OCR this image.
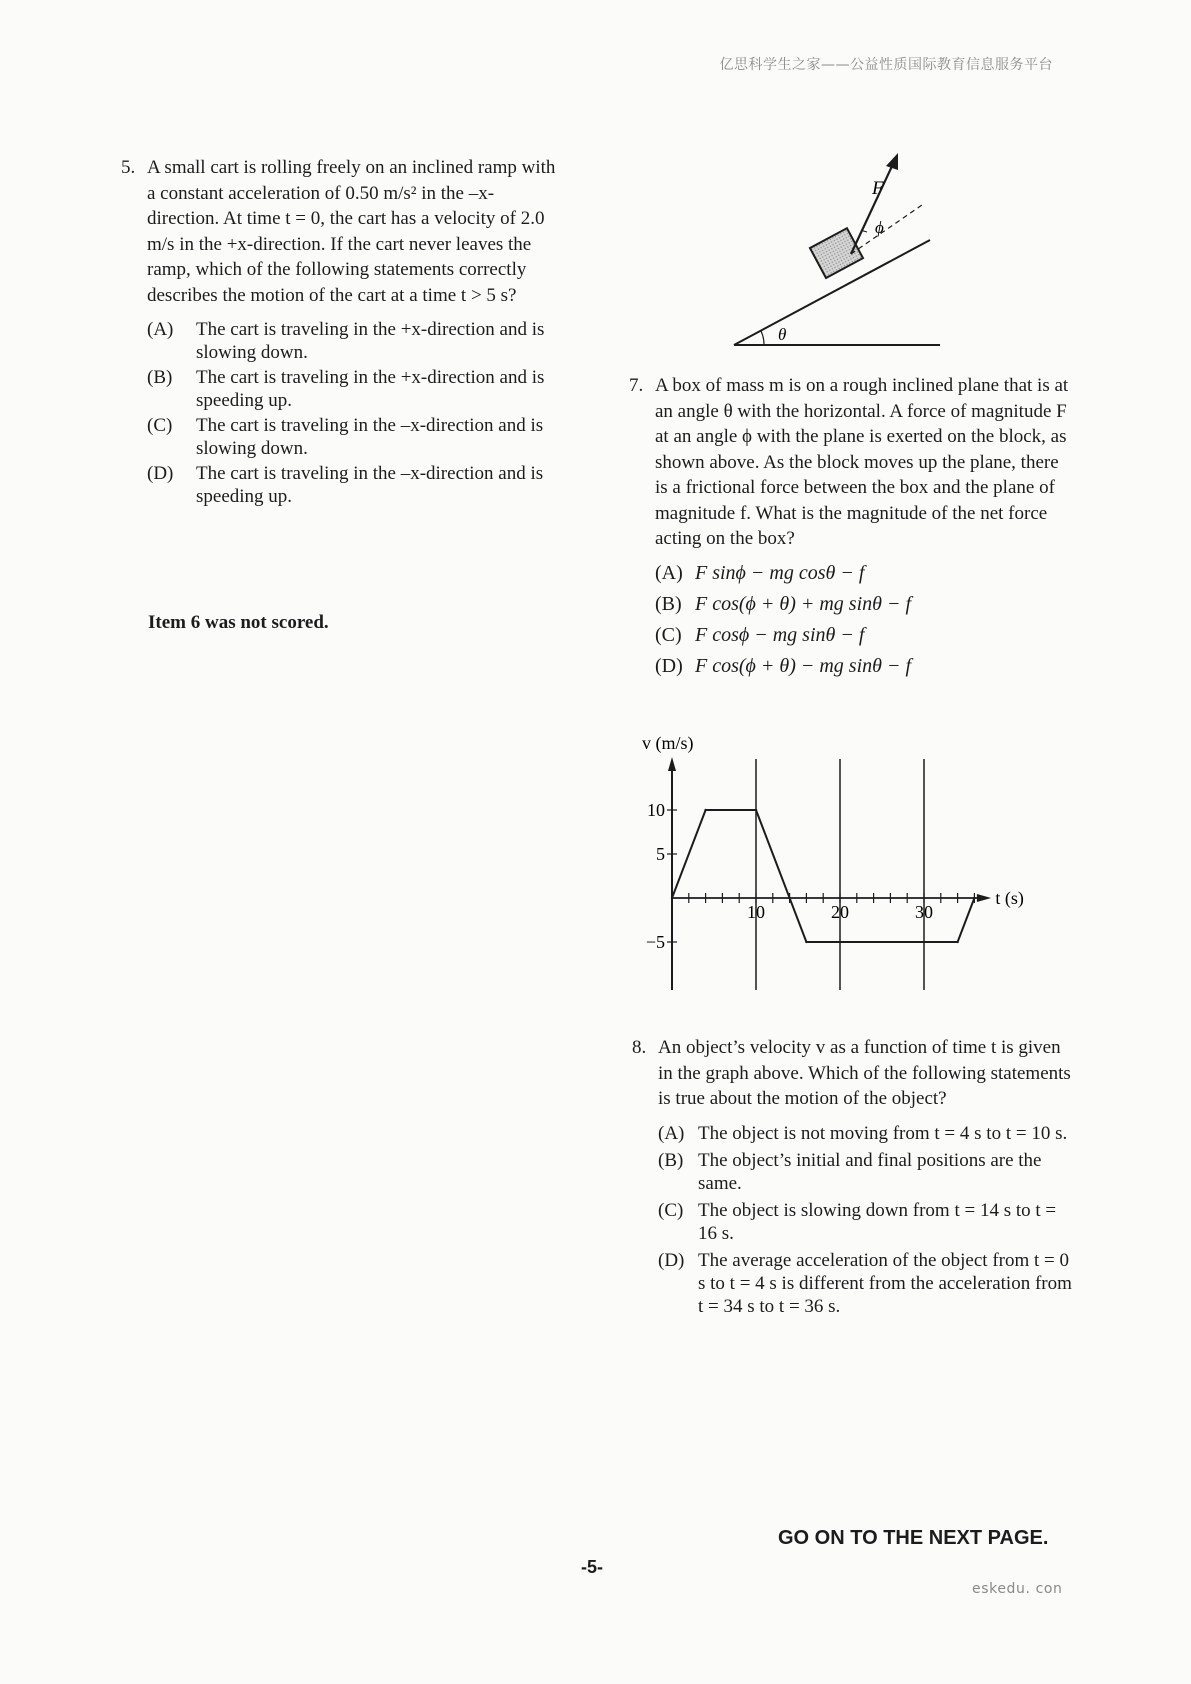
亿思科学生之家——公益性质国际教育信息服务平台
5. A small cart is rolling freely on an inclined ramp with a constant acceleration of 0.50 m/s² in the –x-direction. At time t = 0, the cart has a velocity of 2.0 m/s in the +x-direction. If the cart never leaves the ramp, which of the following statements correctly describes the motion of the cart at a time t > 5 s?
(A) The cart is traveling in the +x-direction and is slowing down.
(B) The cart is traveling in the +x-direction and is speeding up.
(C) The cart is traveling in the –x-direction and is slowing down.
(D) The cart is traveling in the –x-direction and is speeding up.
Item 6 was not scored.
F
ϕ
θ
7. A box of mass m is on a rough inclined plane that is at an angle θ with the horizontal. A force of magnitude F at an angle ϕ with the plane is exerted on the block, as shown above. As the block moves up the plane, there is a frictional force between the box and the plane of magnitude f. What is the magnitude of the net force acting on the box?
(A) F sinϕ − mg cosθ − f
(B) F cos(ϕ + θ) + mg sinθ − f
(C) F cosϕ − mg sinθ − f
(D) F cos(ϕ + θ) − mg sinθ − f
10	20	30
10
5
−5
v (m/s)
t (s)
8. An object’s velocity v as a function of time t is given in the graph above. Which of the following statements is true about the motion of the object?
(A) The object is not moving from t = 4 s to t = 10 s.
(B) The object’s initial and final positions are the same.
(C) The object is slowing down from t = 14 s to t = 16 s.
(D) The average acceleration of the object from t = 0 s to t = 4 s is different from the acceleration from t = 34 s to t = 36 s.
GO ON TO THE NEXT PAGE.
-5-
eskedu. con
